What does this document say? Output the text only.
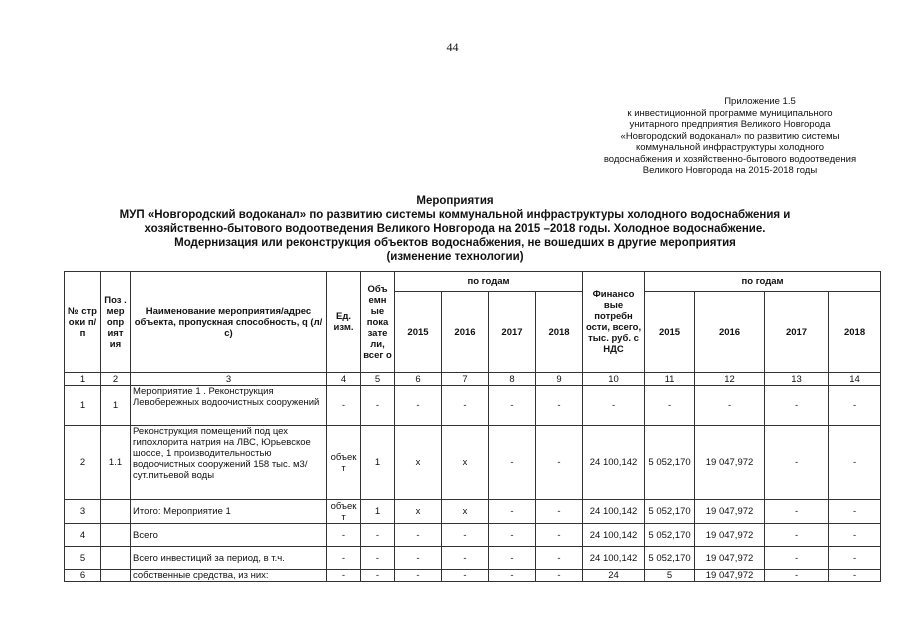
44
Приложение 1.5
к инвестиционной программе муниципального
унитарного предприятия Великого Новгорода
«Новгородский водоканал» по развитию системы
коммунальной инфраструктуры холодного
водоснабжения и хозяйственно-бытового водоотведения
Великого Новгорода на 2015-2018 годы
Мероприятия
МУП «Новгородский водоканал» по развитию системы коммунальной инфраструктуры холодного водоснабжения и
хозяйственно-бытового водоотведения Великого Новгорода на 2015 –2018 годы. Холодное водоснабжение.
Модернизация или реконструкция объектов водоснабжения, не вошедших в другие мероприятия
(изменение технологии)
№ стр оки п/п	Поз . мер опр ият ия	Наименование мероприятия/адрес объекта, пропускная способность, q (л/с)	Ед. изм.	Объ емн ые пока зате ли, всег о	по годам				Финансо вые потребн ости, всего, тыс. руб. с НДС	по годам			
					2015	2016	2017	2018		2015	2016	2017	2018
1	2	3	4	5	6	7	8	9	10	11	12	13	14
1	1	Мероприятие 1 . Реконструкция Левобережных водоочистных сооружений	-	-	-	-	-	-	-	-	-	-	-
2	1.1	Реконструкция помещений под цех гипохлорита натрия на ЛВС, Юрьевское шоссе, 1 производительностью водоочистных сооружений 158 тыс. м3/сут.питьевой воды	объек т	1	х	х	-	-	24 100,142	5 052,170	19 047,972	-	-
3		Итого: Мероприятие 1	объек т	1	х	х	-	-	24 100,142	5 052,170	19 047,972	-	-
4		Всего	-	-	-	-	-	-	24 100,142	5 052,170	19 047,972	-	-
5		Всего инвестиций за период, в т.ч.	-	-	-	-	-	-	24 100,142	5 052,170	19 047,972	-	-
6		собственные средства, из них:	-	-	-	-	-	-	24	5	19 047,972	-	-
